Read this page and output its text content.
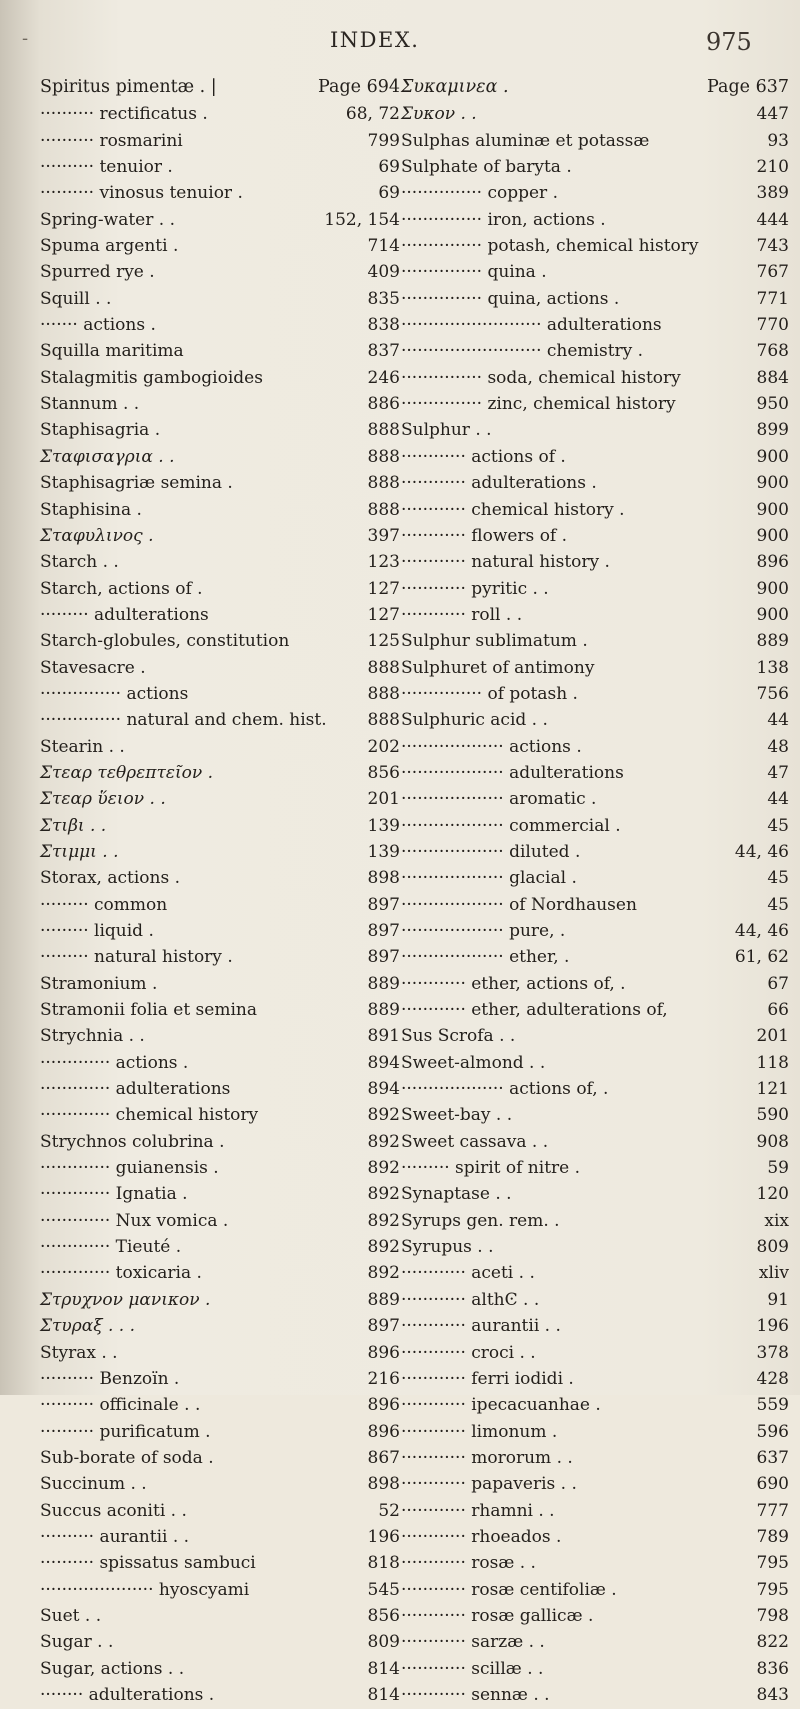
-	INDEX.	975
Spiritus pimentæ . |	Page 694
·········· rectificatus .	68, 72
·········· rosmarini	799
·········· tenuior .	69
·········· vinosus tenuior .	69
Spring-water . .	152, 154
Spuma argenti .	714
Spurred rye .	409
Squill . .	835
······· actions .	838
Squilla maritima	837
Stalagmitis gambogioides	246
Stannum . .	886
Staphisagria .	888
Σταφισαγρια . .	888
Staphisagriæ semina .	888
Staphisina .	888
Σταφυλινος .	397
Starch . .	123
Starch, actions of .	127
········· adulterations	127
Starch-globules, constitution	125
Stavesacre .	888
··············· actions	888
··············· natural and chem. hist. 888
Stearin . .	202
Στεαρ τεθρεπτεῖον .	856
Στεαρ ὕειον . .	201
Στιβι . .	139
Στιμμι . .	139
Storax, actions .	898
········· common	897
········· liquid .	897
········· natural history .	897
Stramonium .	889
Stramonii folia et semina	889
Strychnia . .	891
············· actions .	894
············· adulterations	894
············· chemical history	892
Strychnos colubrina .	892
············· guianensis .	892
············· Ignatia .	892
············· Nux vomica .	892
············· Tieuté .	892
············· toxicaria .	892
Στρυχνον μανικον .	889
Στυραξ . . .	897
Styrax . .	896
·········· Benzoïn .	216
·········· officinale . .	896
·········· purificatum .	896
Sub-borate of soda .	867
Succinum . .	898
Succus aconiti . .	52
·········· aurantii . .	196
·········· spissatus sambuci	818
····················· hyoscyami	545
Suet . .	856
Sugar . .	809
Sugar, actions . .	814
········ adulterations .	814
Συκαμινεα .	Page 637
Συκον . .	447
Sulphas aluminæ et potassæ	93
Sulphate of baryta .	210
··············· copper .	389
··············· iron, actions .	444
··············· potash, chemical history	743
··············· quina .	767
··············· quina, actions .	771
·························· adulterations	770
·························· chemistry .	768
··············· soda, chemical history	884
··············· zinc, chemical history	950
Sulphur . .	899
············ actions of .	900
············ adulterations .	900
············ chemical history .	900
············ flowers of .	900
············ natural history .	896
············ pyritic . .	900
············ roll . .	900
Sulphur sublimatum .	889
Sulphuret of antimony	138
··············· of potash .	756
Sulphuric acid . .	44
··················· actions .	48
··················· adulterations	47
··················· aromatic .	44
··················· commercial .	45
··················· diluted .	44, 46
··················· glacial .	45
··················· of Nordhausen	45
··················· pure, .	44, 46
··················· ether, .	61, 62
············ ether, actions of, .	67
············ ether, adulterations of,	66
Sus Scrofa . .	201
Sweet-almond . .	118
··················· actions of, .	121
Sweet-bay . .	590
Sweet cassava . .	908
········· spirit of nitre .	59
Synaptase . .	120
Syrups gen. rem. .	xix
Syrupus . .	809
············ aceti . .	xliv
············ althϾ . .	91
············ aurantii . .	196
············ croci . .	378
············ ferri iodidi .	428
············ ipecacuanhae .	559
············ limonum .	596
············ mororum . .	637
············ papaveris . .	690
············ rhamni . .	777
············ rhoeados .	789
············ rosæ . .	795
············ rosæ centifoliæ .	795
············ rosæ gallicæ .	798
············ sarzæ . .	822
············ scillæ . .	836
············ sennæ . .	843
